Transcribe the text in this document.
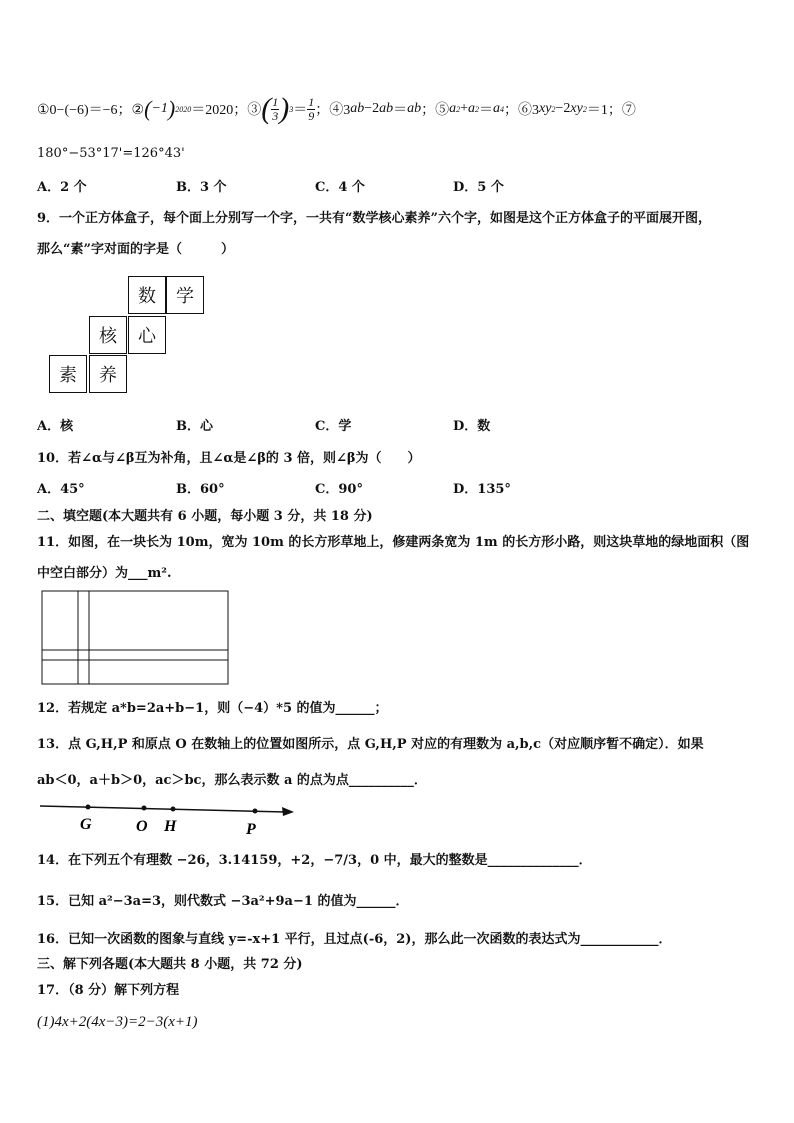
①0−(−6)＝−6；② ( −1 ) 2020 ＝2020；③ ( $\frac{1}{3}$ ) $3 = \frac{1}{9}$ ；④3 ab −2 ab ＝ ab ；⑤ a 2 + a 2 ＝ a 4 ；⑥3 xy 2 −2 xy 2 ＝1；⑦
180°−53°17'=126°43'
A．2 个	B．3 个	C．4 个	D．5 个
9．一个正方体盒子，每个面上分别写一个字，一共有“数学核心素养”六个字，如图是这个正方体盒子的平面展开图，
那么“素”字对面的字是（　　　）
数	学
核	心
素	养
A．核	B．心	C．学	D．数
10．若∠α与∠β互为补角，且∠α是∠β的 3 倍，则∠β为（　　）
A．45°	B．60°	C．90°	D．135°
二、填空题(本大题共有 6 小题，每小题 3 分，共 18 分)
11．如图，在一块长为 10m，宽为 10m 的长方形草地上，修建两条宽为 1m 的长方形小路，则这块草地的绿地面积（图
中空白部分）为___m².
12．若规定 a*b=2a+b−1，则（−4）*5 的值为______；
13．点 G,H,P 和原点 O 在数轴上的位置如图所示，点 G,H,P 对应的有理数为 a,b,c（对应顺序暂不确定）．如果
ab＜0，a＋b＞0，ac＞bc，那么表示数 a 的点为点__________．
G	O H	P
14．在下列五个有理数 −26，3.14159，+2，−7/3，0 中，最大的整数是______________．
15．已知 a²−3a=3，则代数式 −3a²+9a−1 的值为______．
16．已知一次函数的图象与直线 y=-x+1 平行，且过点(-6，2)，那么此一次函数的表达式为____________．
三、解下列各题(本大题共 8 小题，共 72 分)
17．（8 分）解下列方程
(1)4x+2(4x−3)=2−3(x+1)
